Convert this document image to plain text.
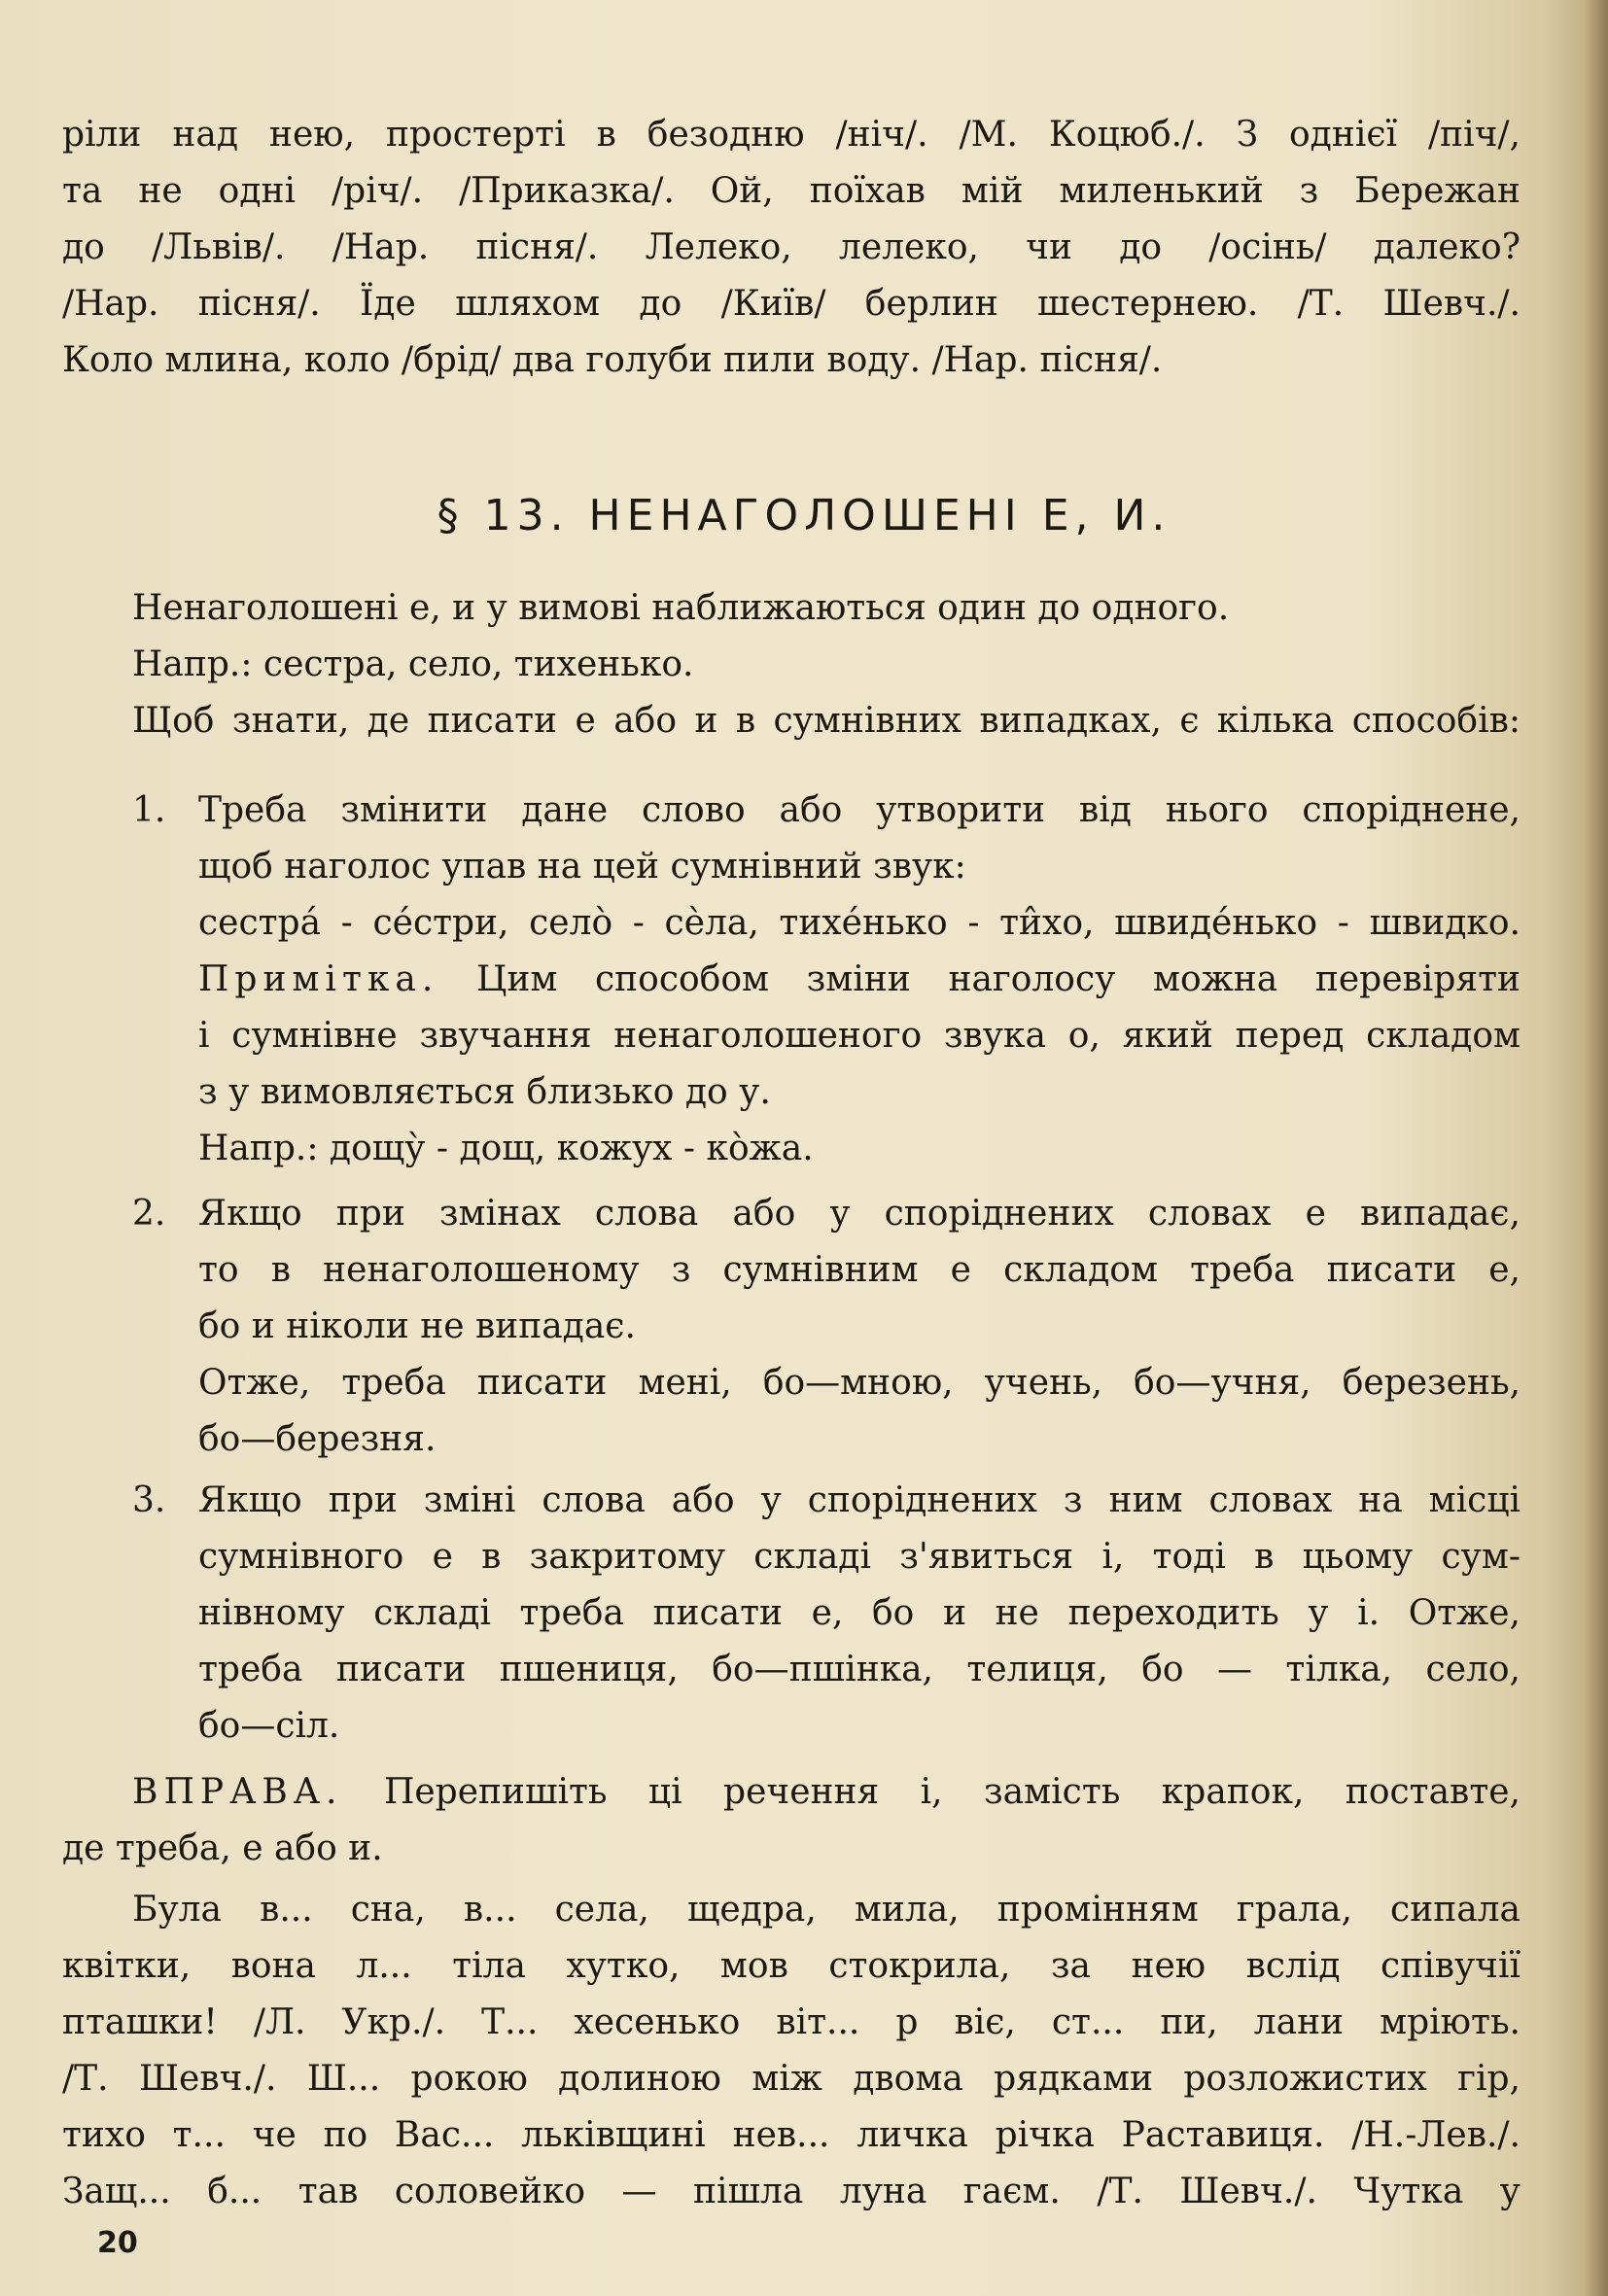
ріли над нею, простерті в безодню /ніч/. /М. Коцюб./. З однієї /піч/,
та не одні /річ/. /Приказка/. Ой, поїхав мій миленький з Бережан
до /Львів/. /Нар. пісня/. Лелеко, лелеко, чи до /осінь/ далеко?
/Нар. пісня/. Їде шляхом до /Київ/ берлин шестернею. /Т. Шевч./.
Коло млина, коло /брід/ два голуби пили воду. /Нар. пісня/.
§ 13. НЕНАГОЛОШЕНІ Е, И.
Ненаголошені е, и у вимові наближаються один до одного.
Напр.: сестра, село, тихенько.
Щоб знати, де писати е або и в сумнівних випадках, є кілька способів:
1. Треба змінити дане слово або утворити від нього споріднене,
щоб наголос упав на цей сумнівний звук:
сестра́ - се́стри, село̀ - сѐла, тихе́нько - ти̂хо, швиде́нько - швидко.
Примітка. Цим способом зміни наголосу можна перевіряти
і сумнівне звучання ненаголошеного звука о, який перед складом
з у вимовляється близько до у.
Напр.: дощу̀ - дощ, кожух - ко̀жа.
2. Якщо при змінах слова або у споріднених словах е випадає,
то в ненаголошеному з сумнівним е складом треба писати е,
бо и ніколи не випадає.
Отже, треба писати мені, бо—мною, учень, бо—учня, березень,
бо—березня.
3. Якщо при зміні слова або у споріднених з ним словах на місці
сумнівного е в закритому складі з'явиться і, тоді в цьому сум-
нівному складі треба писати е, бо и не переходить у і. Отже,
треба писати пшениця, бо—пшінка, телиця, бо — тілка, село,
бо—сіл.
ВПРАВА. Перепишіть ці речення і, замість крапок, поставте,
де треба, е або и.
Була в... сна, в... села, щедра, мила, промінням грала, сипала
квітки, вона л... тіла хутко, мов стокрила, за нею вслід співучії
пташки! /Л. Укр./. Т... хесенько віт... р віє, ст... пи, лани мріють.
/Т. Шевч./. Ш... рокою долиною між двома рядками розложистих гір,
тихо т... че по Вас... льківщині нев... личка річка Раставиця. /Н.-Лев./.
Защ... б... тав соловейко — пішла луна гаєм. /Т. Шевч./. Чутка у
20
